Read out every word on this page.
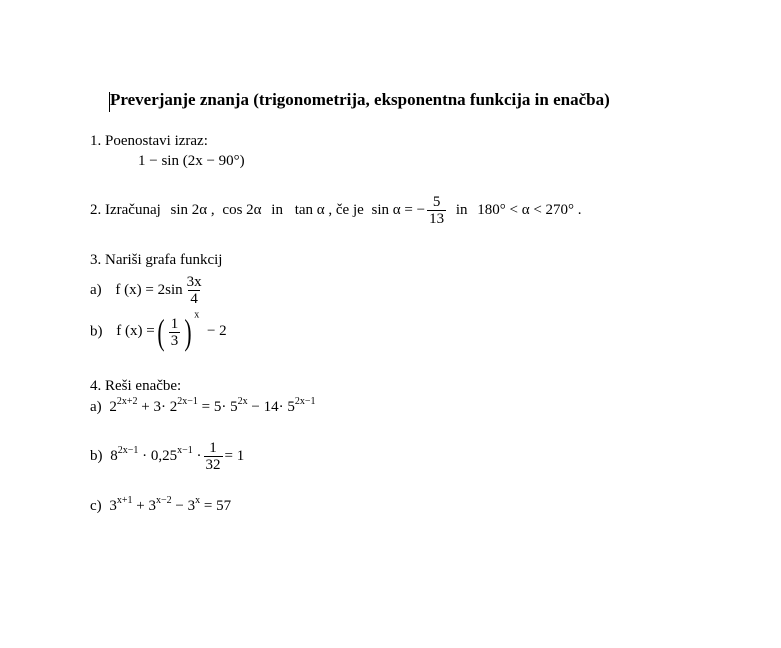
Preverjanje znanja (trigonometrija, eksponentna funkcija in enačba)
1. Poenostavi izraz:
1 − sin (2x − 90°)
2. Izračunaj sin 2α , cos 2α in tan α , če je sin α = − $\frac{5}{13}$ in 180° < α < 270° .
3. Nariši grafa funkcij
a) f $(x) = 2\sin \frac{3x}{4}$
b) f (x) =( $\frac{1}{3}$ ) $^x$ − 2
4. Reši enačbe:
a) $2^{2x+2} + 3\cdot 2^{2x-1} = 5\cdot 5^{2x} - 14\cdot 5^{2x-1}$
b) $8^{2x-1} \cdot 0,25^{x-1} \cdot \frac{1}{32} = 1$
c) $3^{x+1} + 3^{x-2} - 3^x = 57$
